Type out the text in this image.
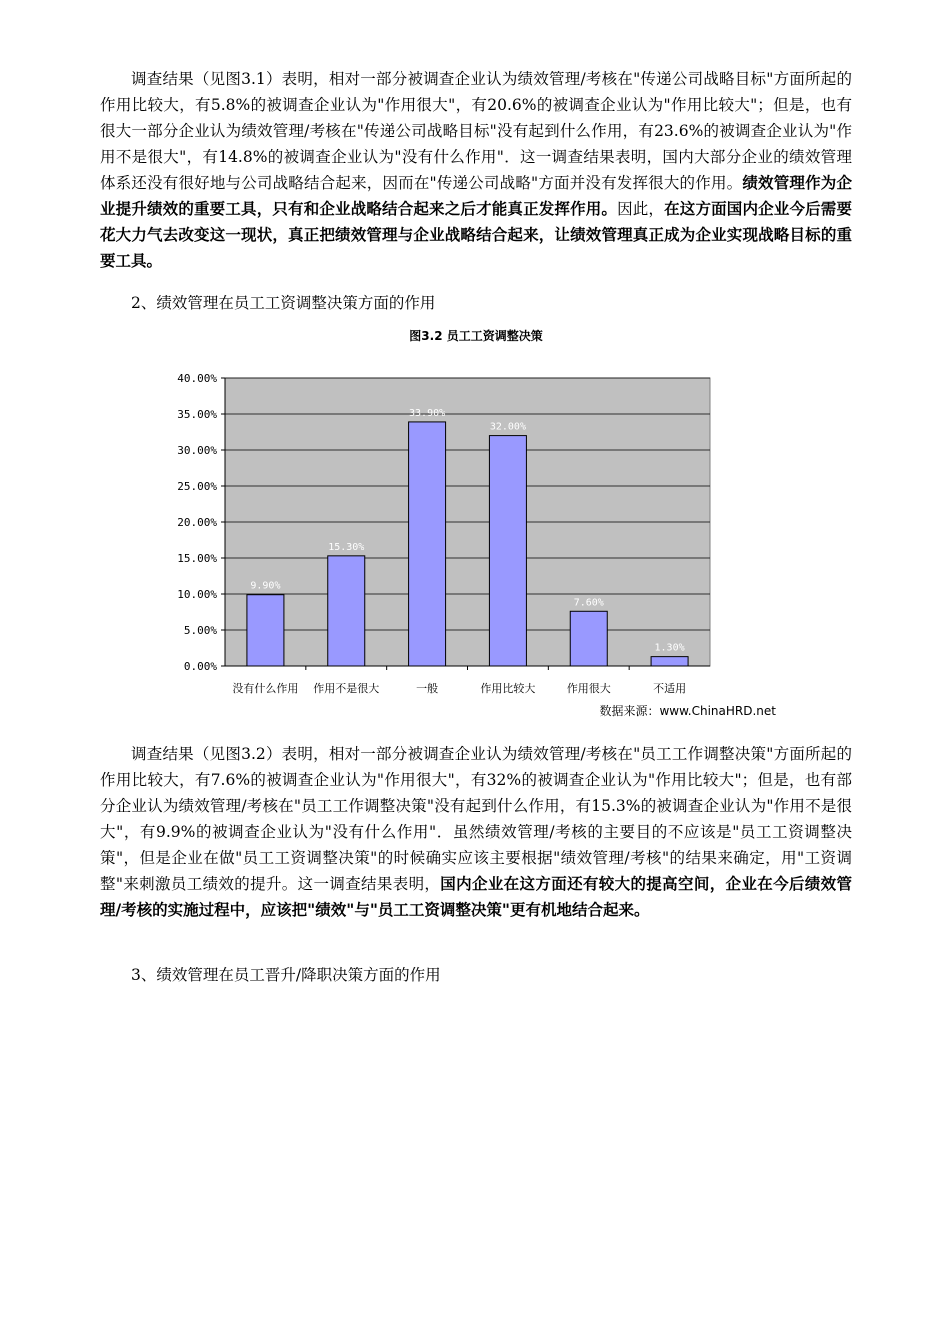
调查结果（见图3.1）表明，相对一部分被调查企业认为绩效管理/考核在"传递公司战略目标"方面所起的作用比较大，有5.8%的被调查企业认为"作用很大"，有20.6%的被调查企业认为"作用比较大"；但是，也有很大一部分企业认为绩效管理/考核在"传递公司战略目标"没有起到什么作用，有23.6%的被调查企业认为"作用不是很大"，有14.8%的被调查企业认为"没有什么作用"．这一调查结果表明，国内大部分企业的绩效管理体系还没有很好地与公司战略结合起来，因而在"传递公司战略"方面并没有发挥很大的作用。绩效管理作为企业提升绩效的重要工具，只有和企业战略结合起来之后才能真正发挥作用。因此，在这方面国内企业今后需要花大力气去改变这一现状，真正把绩效管理与企业战略结合起来，让绩效管理真正成为企业实现战略目标的重要工具。

2、绩效管理在员工工资调整决策方面的作用

图3.2 员工工资调整决策
0.00%
5.00%
10.00%
15.00%
20.00%
25.00%
30.00%
35.00%
40.00%
9.90%
没有什么作用
15.30%
作用不是很大
33.90%
一般
32.00%
作用比较大
7.60%
作用很大
1.30%
不适用
数据来源：www.ChinaHRD.net

调查结果（见图3.2）表明，相对一部分被调查企业认为绩效管理/考核在"员工工作调整决策"方面所起的作用比较大，有7.6%的被调查企业认为"作用很大"，有32%的被调查企业认为"作用比较大"；但是，也有部分企业认为绩效管理/考核在"员工工作调整决策"没有起到什么作用，有15.3%的被调查企业认为"作用不是很大"，有9.9%的被调查企业认为"没有什么作用"．虽然绩效管理/考核的主要目的不应该是"员工工资调整决策"，但是企业在做"员工工资调整决策"的时候确实应该主要根据"绩效管理/考核"的结果来确定，用"工资调整"来刺激员工绩效的提升。这一调查结果表明，国内企业在这方面还有较大的提高空间，企业在今后绩效管理/考核的实施过程中，应该把"绩效"与"员工工资调整决策"更有机地结合起来。

3、绩效管理在员工晋升/降职决策方面的作用
